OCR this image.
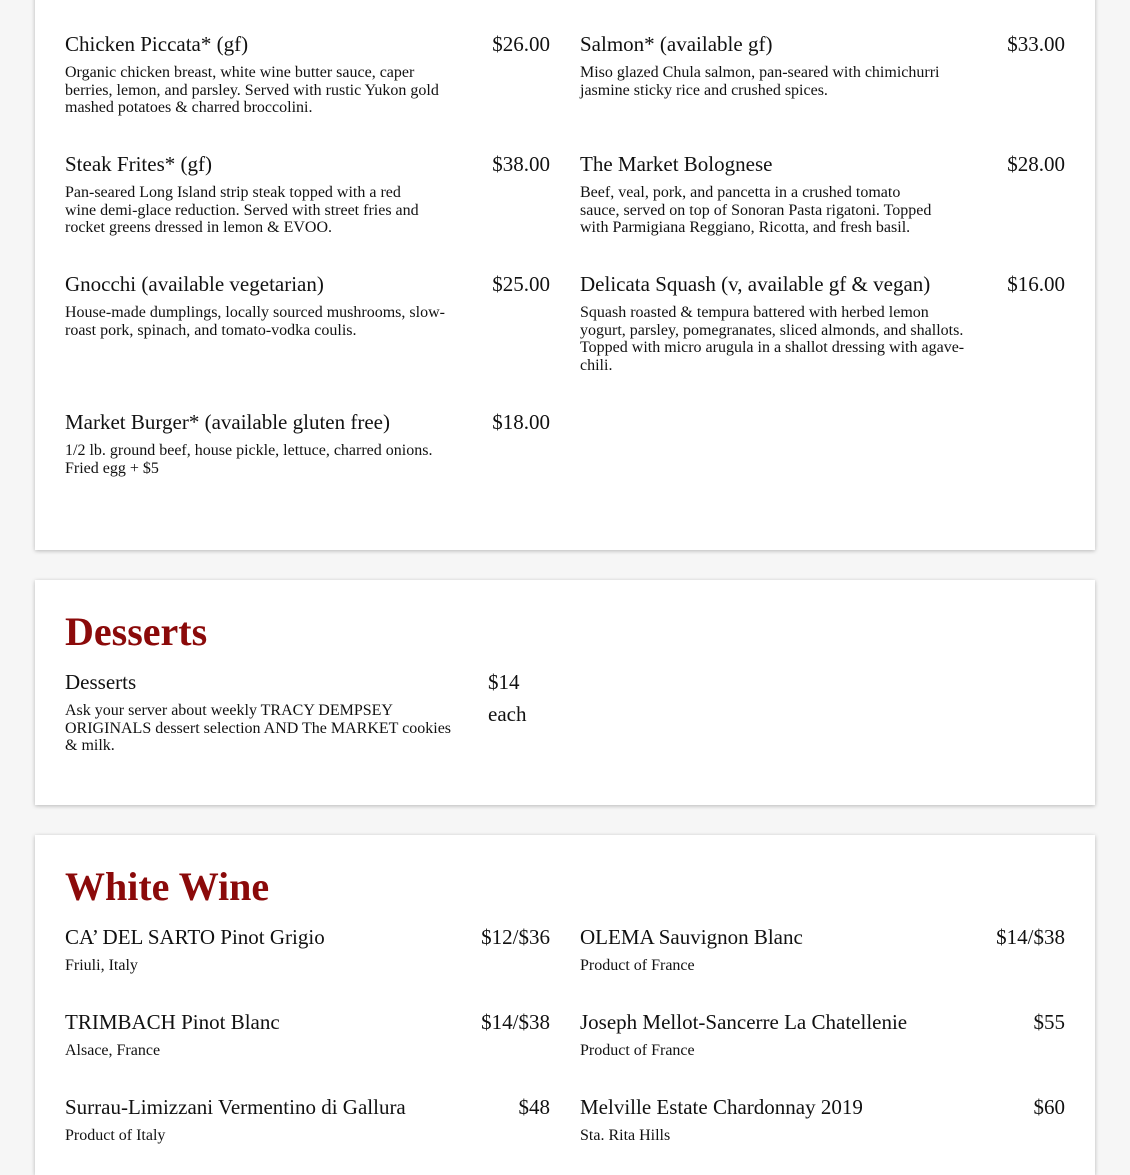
Chicken Piccata* (gf)	$26.00
Organic chicken breast, white wine butter sauce, caper berries, lemon, and parsley. Served with rustic Yukon gold mashed potatoes & charred broccolini.
Salmon* (available gf)	$33.00
Miso glazed Chula salmon, pan-seared with chimichurri jasmine sticky rice and crushed spices.
Steak Frites* (gf)	$38.00
Pan-seared Long Island strip steak topped with a red wine demi-glace reduction. Served with street fries and rocket greens dressed in lemon & EVOO.
The Market Bolognese	$28.00
Beef, veal, pork, and pancetta in a crushed tomato sauce, served on top of Sonoran Pasta rigatoni. Topped with Parmigiana Reggiano, Ricotta, and fresh basil.
Gnocchi (available vegetarian)	$25.00
House-made dumplings, locally sourced mushrooms, slow-roast pork, spinach, and tomato-vodka coulis.
Delicata Squash (v, available gf & vegan)	$16.00
Squash roasted & tempura battered with herbed lemon yogurt, parsley, pomegranates, sliced almonds, and shallots. Topped with micro arugula in a shallot dressing with agave-chili.
Market Burger* (available gluten free)	$18.00
1/2 lb. ground beef, house pickle, lettuce, charred onions. Fried egg + $5
Desserts
Desserts	$14 each
Ask your server about weekly TRACY DEMPSEY ORIGINALS dessert selection AND The MARKET cookies & milk.
White Wine
CA’ DEL SARTO Pinot Grigio	$12/$36
Friuli, Italy
OLEMA Sauvignon Blanc	$14/$38
Product of France
TRIMBACH Pinot Blanc	$14/$38
Alsace, France
Joseph Mellot-Sancerre La Chatellenie	$55
Product of France
Surrau-Limizzani Vermentino di Gallura	$48
Product of Italy
Melville Estate Chardonnay 2019	$60
Sta. Rita Hills
